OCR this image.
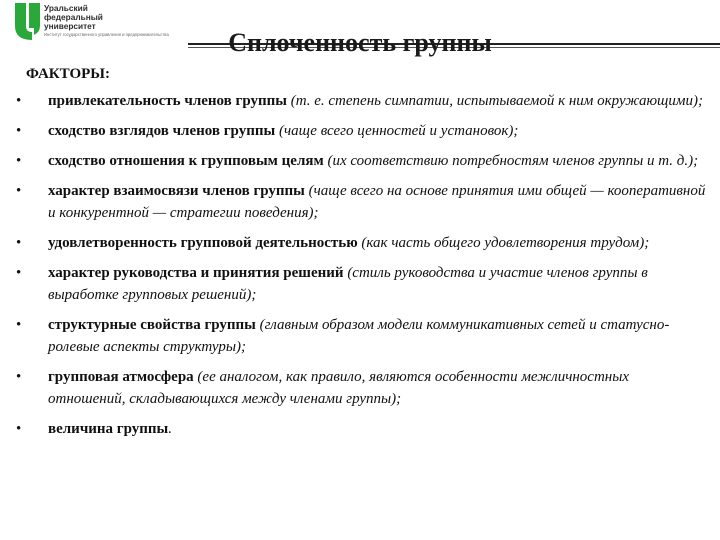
Уральский
федеральный
университет
Институт государственного управления и предпринимательства	Сплоченность группы
ФАКТОРЫ:
• привлекательность членов группы (т. е. степень симпатии, испытываемой к ним окружающими);
• сходство взглядов членов группы (чаще всего ценностей и установок);
• сходство отношения к групповым целям (их соответствию потребностям членов группы и т. д.);
• характер взаимосвязи членов группы (чаще всего на основе принятия ими общей — кооперативной и конкурентной — стратегии поведения);
• удовлетворенность групповой деятельностью (как часть общего удовлетворения трудом);
• характер руководства и принятия решений (стиль руководства и участие членов группы в выработке групповых решений);
• структурные свойства группы (главным образом модели коммуникативных сетей и статусно-ролевые аспекты структуры);
• групповая атмосфера (ее аналогом, как правило, являются особенности межличностных отношений, складывающихся между членами группы);
• величина группы.
